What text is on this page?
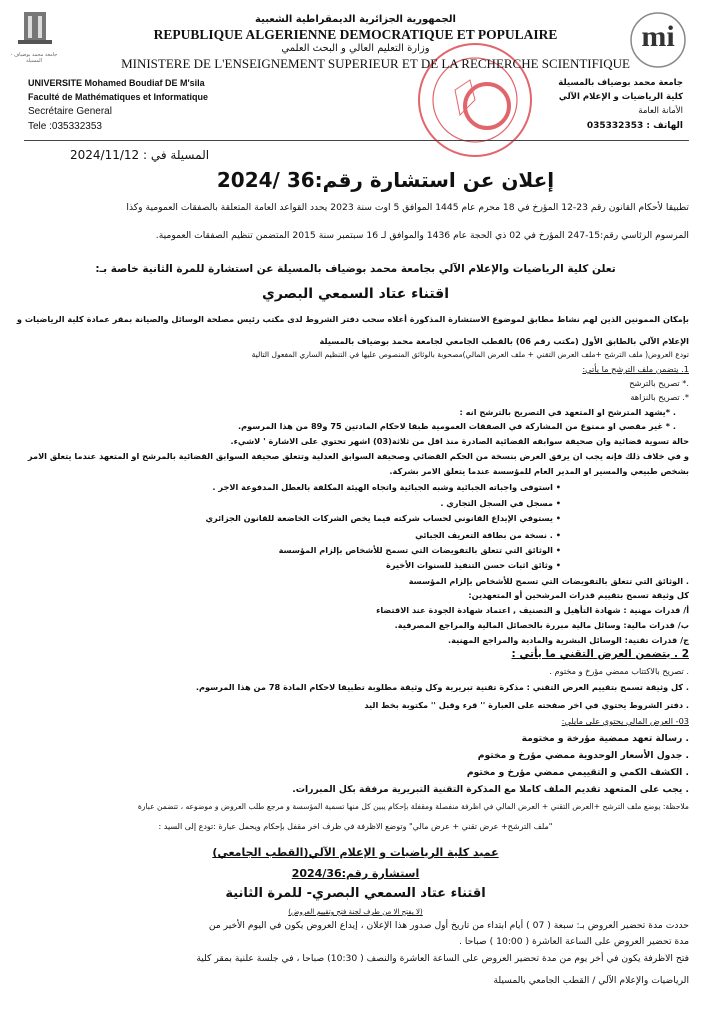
جامعة محمد بوضياف - المسيلة
mi
الجمهورية الجزائرية الديمقراطية الشعبية
REPUBLIQUE ALGERIENNE DEMOCRATIQUE ET POPULAIRE
وزارة التعليم العالي و البحث العلمي
MINISTERE DE L'ENSEIGNEMENT SUPERIEUR ET DE LA RECHERCHE SCIENTIFIQUE
UNIVERSITE Mohamed Boudiaf DE M'sila
Faculté de Mathématiques et Informatique
Secrétaire General
Tele :035332353
جامعة محمد بوضياف بالمسيلة
كلية الرياضيات و الإعلام الآلي
الأمانة العامة
الهاتف : 035332353
المسيلة في : 2024/11/12
إعلان عن استشارة رقم:36 /2024
تطبيقا لأحكام القانون رقم 23-12 المؤرخ في 18 محرم عام 1445 الموافق 5 اوت سنة 2023 يحدد القواعد العامة المتعلقة بالصفقات العمومية وكذا
المرسوم الرئاسي رقم:15-247 المؤرخ في 02 ذي الحجة عام 1436 والموافق لـ 16 سبتمبر سنة 2015 المتضمن تنظيم الصفقات العمومية.
تعلن كلية الرياضيات والإعلام الآلي بجامعة محمد بوضياف بالمسيلة عن استشارة للمرة الثانية خاصة بـ:
اقتناء عتاد السمعي البصري
بإمكان الممونين الذين لهم نشاط مطابق لموضوع الاستشارة المذكورة أعلاه سحب دفتر الشروط لدى مكتب رئيس مصلحة الوسائل والصيانة بمقر عمادة كلية الرياضيات و
الإعلام الآلي بالطابق الأول (مكتب رقم 06) بالقطب الجامعي لجامعة محمد بوضياف بالمسيلة
تودع العروض( ملف الترشح +ملف العرض التقني + ملف العرض المالي)مصحوبة بالوثائق المنصوص عليها في التنظيم الساري المفعول التالية
1. يتضمن ملف الترشح ما يأتي:
.* تصريح بالترشح
*. تصريح بالنزاهة
. *يشهد المترشح او المتعهد في التصريح بالترشح انه :
. * غير مقصي او ممنوع من المشاركة في الصفقات العمومية طبقا لاحكام المادتين 75 و89 من هذا المرسوم.
حالة تسوية قضائية وان صحيفة سوابقه القضائية الصادرة منذ اقل من ثلاثة(03) اشهر تحتوي على الاشارة ' لاشيء.
و في خلاف ذلك فإنه يجب ان يرفق العرض بنسخة من الحكم القضائي وصحيفة السوابق العدلية وتتعلق صحيفة السوابق القضائية بالمرشح او المتعهد عندما يتعلق الامر
بشخص طبيعي والمسير او المدير العام للمؤسسة عندما يتعلق الامر بشركة.
• استوفى واجباته الجبائية وشبه الجبائية واتجاه الهيئة المكلفة بالعطل المدفوعة الاجر .
• مسجل في السجل التجاري .
• يستوفي الإيداع القانوني لحساب شركته فيما يخص الشركات الخاضعة للقانون الجزائري
• . نسخة من بطاقة التعريف الجبائي
• الوثائق التي تتعلق بالتفويضات التي تسمح للأشخاص بإلزام المؤسسة
• وثائق اثبات حسن التنفيذ للسنوات الأخيرة
. الوثائق التي تتعلق بالتفويضات التي تسمح للأشخاص بإلزام المؤسسة
كل وثيقة تسمح بتقييم قدرات المرشحين أو المتعهدين:
أ/ قدرات مهنية : شهادة التأهيل و التصنيف , اعتماد شهادة الجودة عند الاقتضاء
ب/ قدرات مالية: وسائل مالية مبررة بالحصائل المالية والمراجع المصرفية.
ج/ قدرات تقنية: الوسائل البشرية والمادية والمراجع المهنية.
2 . يتضمن العرض التقني ما يأتي :
. تصريح بالاكتتاب ممضي مؤرخ و مختوم .
. كل وثيقة تسمح بتقييم العرض التقني : مذكرة تقنية تبريرية وكل وثيقة مطلوبة تطبيقا لاحكام المادة 78 من هذا المرسوم.
. دفتر الشروط يحتوي في اخر صفحته على العبارة '' قرء وقبل '' مكتوبة بخط اليد
03- العرض المالي يحتوي على مايلي:
. رسالة تعهد ممضية مؤرخة و مختومة
. جدول الأسعار الوحدوية ممضي مؤرخ و مختوم
. الكشف الكمي و التقييمي ممضي مؤرخ و مختوم
. يجب على المتعهد تقديم الملف كاملا مع المذكرة التقنية التبريرية مرفقة بكل المبررات.
ملاحظة: يوضع ملف الترشح +العرض التقني + العرض المالي في اظرفة منفصلة ومقفلة بإحكام يبين كل منها تسمية المؤسسة و مرجع طلب العروض و موضوعه ، تتضمن عبارة
"ملف الترشح+ عرض تقني + عرض مالي" وتوضع الاظرفة في ظرف اخر مقفل بإحكام ويحمل عبارة :تودع إلى السيد :
عميد كلية الرياضيات و الإعلام الآلي(القطب الجامعي)
استشارة رقم:2024/36
اقتناء عتاد السمعي البصري- للمرة الثانية
(لا يفتح الا من طرف لجنة فتح وتقييم العروض)
حددت مدة تحضير العروض بـ: سبعة ( 07 ) أيام ابتداء من تاريخ أول صدور هذا الإعلان ، إيداع العروض يكون في اليوم الأخير من
مدة تحضير العروض على الساعة العاشرة ( 10:00 ) صباحا .
فتح الاظرفة يكون في أخر يوم من مدة تحضير العروض على الساعة العاشرة والنصف ( 10:30) صباحا ، في جلسة علنية بمقر كلية
الرياضيات والإعلام الآلي / القطب الجامعي بالمسيلة
